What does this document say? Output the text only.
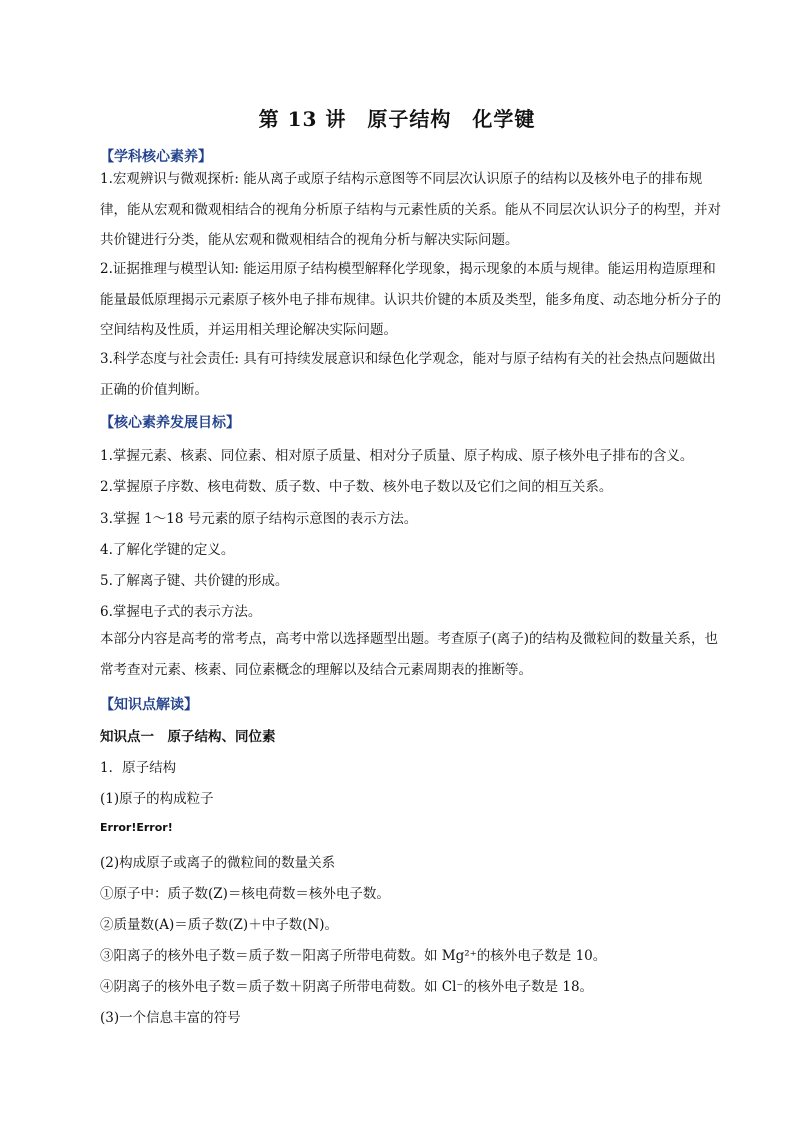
第 13 讲　原子结构　化学键
【学科核心素养】
1.宏观辨识与微观探析: 能从离子或原子结构示意图等不同层次认识原子的结构以及核外电子的排布规律，能从宏观和微观相结合的视角分析原子结构与元素性质的关系。能从不同层次认识分子的构型，并对共价键进行分类，能从宏观和微观相结合的视角分析与解决实际问题。
2.证据推理与模型认知: 能运用原子结构模型解释化学现象，揭示现象的本质与规律。能运用构造原理和能量最低原理揭示元素原子核外电子排布规律。认识共价键的本质及类型，能多角度、动态地分析分子的空间结构及性质，并运用相关理论解决实际问题。
3.科学态度与社会责任: 具有可持续发展意识和绿色化学观念，能对与原子结构有关的社会热点问题做出正确的价值判断。
【核心素养发展目标】
1.掌握元素、核素、同位素、相对原子质量、相对分子质量、原子构成、原子核外电子排布的含义。
2.掌握原子序数、核电荷数、质子数、中子数、核外电子数以及它们之间的相互关系。
3.掌握 1～18 号元素的原子结构示意图的表示方法。
4.了解化学键的定义。
5.了解离子键、共价键的形成。
6.掌握电子式的表示方法。
本部分内容是高考的常考点，高考中常以选择题型出题。考查原子(离子)的结构及微粒间的数量关系，也常考查对元素、核素、同位素概念的理解以及结合元素周期表的推断等。
【知识点解读】
知识点一　原子结构、同位素
1．原子结构
(1)原子的构成粒子
Error!Error!
(2)构成原子或离子的微粒间的数量关系
①原子中：质子数(Z)＝核电荷数＝核外电子数。
②质量数(A)＝质子数(Z)＋中子数(N)。
③阳离子的核外电子数＝质子数－阳离子所带电荷数。如 Mg²⁺的核外电子数是 10。
④阴离子的核外电子数＝质子数＋阴离子所带电荷数。如 Cl⁻的核外电子数是 18。
(3)一个信息丰富的符号
